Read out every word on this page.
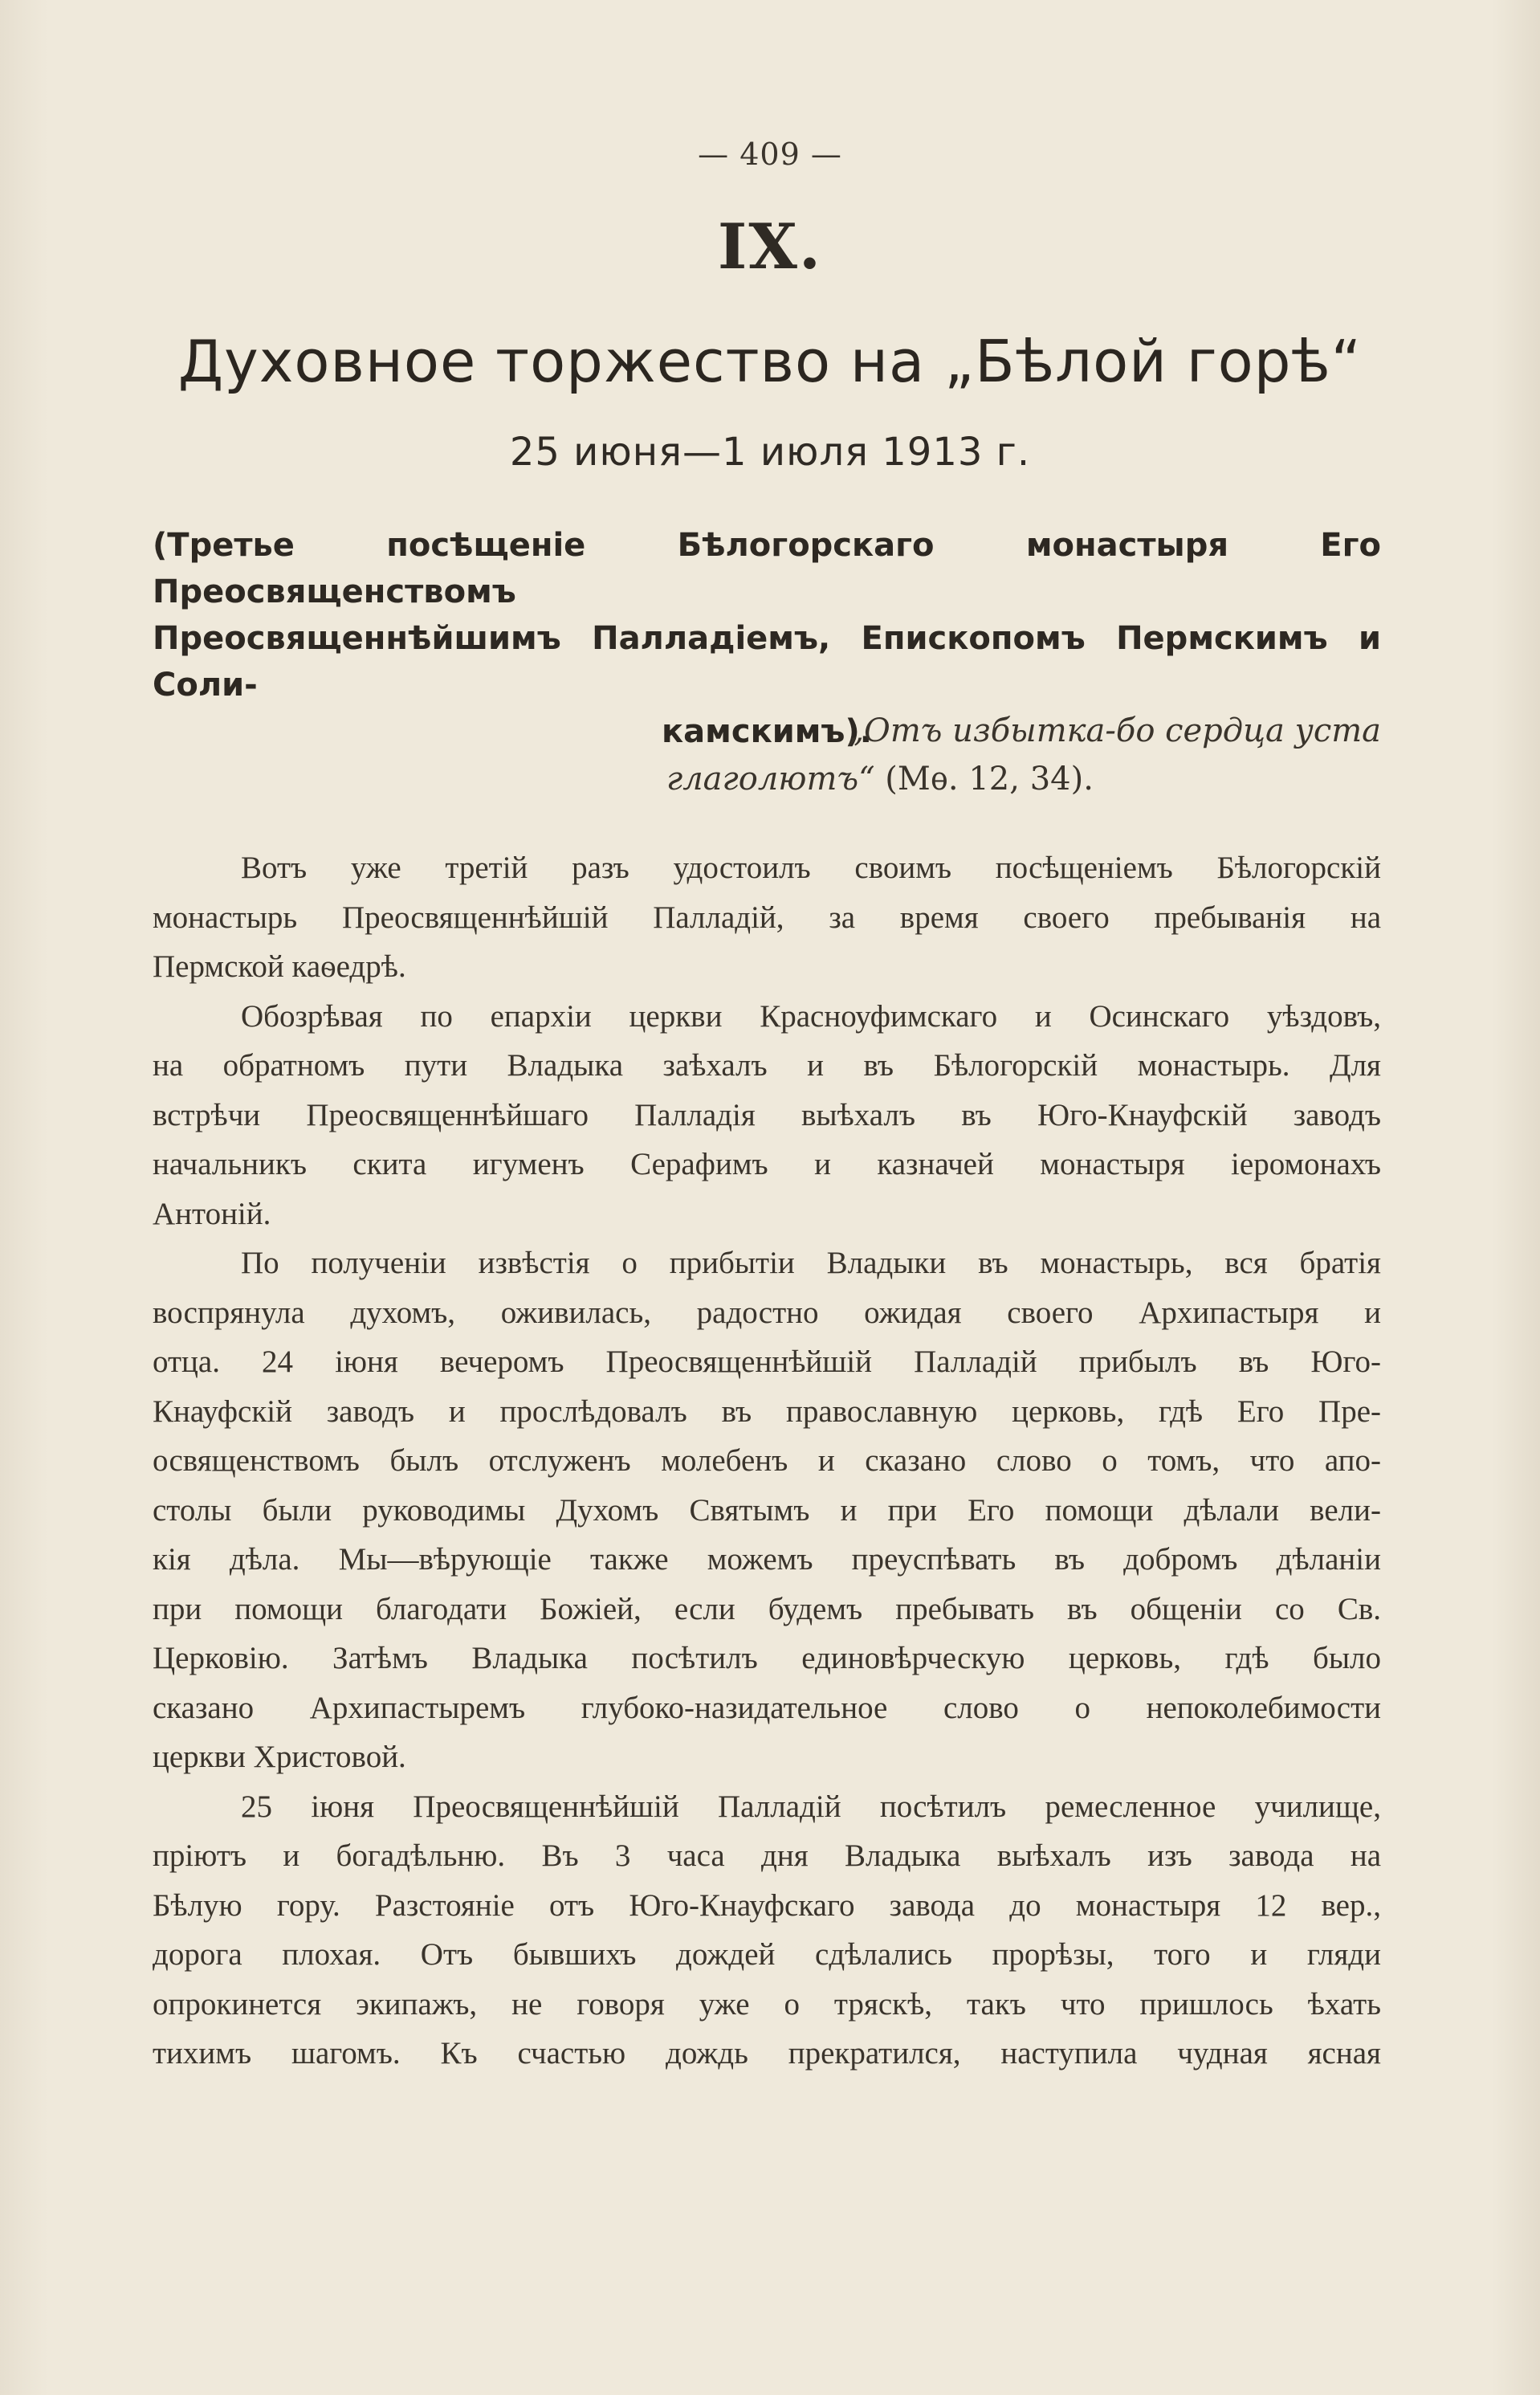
— 409 —
IX.
Духовное торжество на „Бѣлой горѣ“
25 июня—1 июля 1913 г.
(Третье посѣщеніе Бѣлогорскаго монастыря Его Преосвященствомъ
Преосвященнѣйшимъ Палладіемъ, Епископомъ Пермскимъ и Соли-
камскимъ).
„Отъ избытка-бо сердца уста
глаголютъ“ (Мѳ. 12, 34).
Вотъ уже третій разъ удостоилъ своимъ посѣщеніемъ Бѣлогорскій
монастырь Преосвященнѣйшій Палладій, за время своего пребыванія на
Пермской каѳедрѣ.
Обозрѣвая по епархіи церкви Красноуфимскаго и Осинскаго уѣздовъ,
на обратномъ пути Владыка заѣхалъ и въ Бѣлогорскій монастырь. Для
встрѣчи Преосвященнѣйшаго Палладія выѣхалъ въ Юго-Кнауфскій заводъ
начальникъ скита игуменъ Серафимъ и казначей монастыря іеромонахъ
Антоній.
По полученіи извѣстія о прибытіи Владыки въ монастырь, вся братія
воспрянула духомъ, оживилась, радостно ожидая своего Архипастыря и
отца. 24 іюня вечеромъ Преосвященнѣйшій Палладій прибылъ въ Юго-
Кнауфскій заводъ и прослѣдовалъ въ православную церковь, гдѣ Его Пре-
освященствомъ былъ отслуженъ молебенъ и сказано слово о томъ, что апо-
столы были руководимы Духомъ Святымъ и при Его помощи дѣлали вели-
кія дѣла. Мы—вѣрующіе также можемъ преуспѣвать въ добромъ дѣланіи
при помощи благодати Божіей, если будемъ пребывать въ общеніи со Св.
Церковію. Затѣмъ Владыка посѣтилъ единовѣрческую церковь, гдѣ было
сказано Архипастыремъ глубоко-назидательное слово о непоколебимости
церкви Христовой.
25 іюня Преосвященнѣйшій Палладій посѣтилъ ремесленное училище,
пріютъ и богадѣльню. Въ 3 часа дня Владыка выѣхалъ изъ завода на
Бѣлую гору. Разстояніе отъ Юго-Кнауфскаго завода до монастыря 12 вер.,
дорога плохая. Отъ бывшихъ дождей сдѣлались прорѣзы, того и гляди
опрокинется экипажъ, не говоря уже о тряскѣ, такъ что пришлось ѣхать
тихимъ шагомъ. Къ счастью дождь прекратился, наступила чудная ясная
